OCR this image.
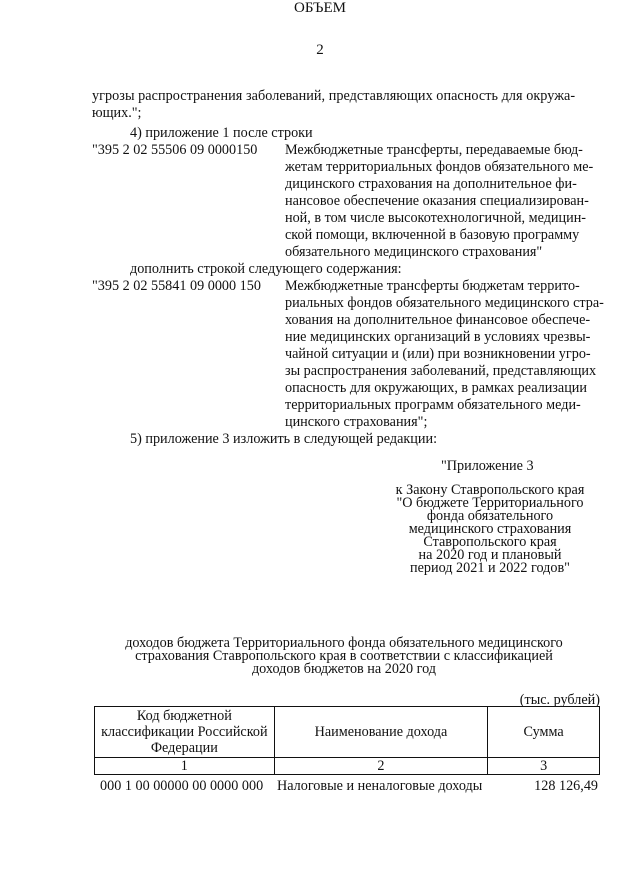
2
угрозы распространения заболеваний, представляющих опасность для окружа-
ющих.";
4) приложение 1 после строки
"395 2 02 55506 09 0000150 Межбюджетные трансферты, передаваемые бюд-
жетам территориальных фондов обязательного ме-
дицинского страхования на дополнительное фи-
нансовое обеспечение оказания специализирован-
ной, в том числе высокотехнологичной, медицин-
ской помощи, включенной в базовую программу
обязательного медицинского страхования"
дополнить строкой следующего содержания:
"395 2 02 55841 09 0000 150 Межбюджетные трансферты бюджетам террито-
риальных фондов обязательного медицинского стра-
хования на дополнительное финансовое обеспече-
ние медицинских организаций в условиях чрезвы-
чайной ситуации и (или) при возникновении угро-
зы распространения заболеваний, представляющих
опасность для окружающих, в рамках реализации
территориальных программ обязательного меди-
цинского страхования";
5) приложение 3 изложить в следующей редакции:
"Приложение 3
к Закону Ставропольского края
"О бюджете Территориального
фонда обязательного
медицинского страхования
Ставропольского края
на 2020 год и плановый
период 2021 и 2022 годов"
ОБЪЕМ
доходов бюджета Территориального фонда обязательного медицинского
страхования Ставропольского края в соответствии с классификацией
доходов бюджетов на 2020 год
(тыс. рублей)
Код бюджетной классификации Российской Федерации	Наименование дохода	Сумма
1	2	3
000 1 00 00000 00 0000 000 Налоговые и неналоговые доходы	128 126,49
